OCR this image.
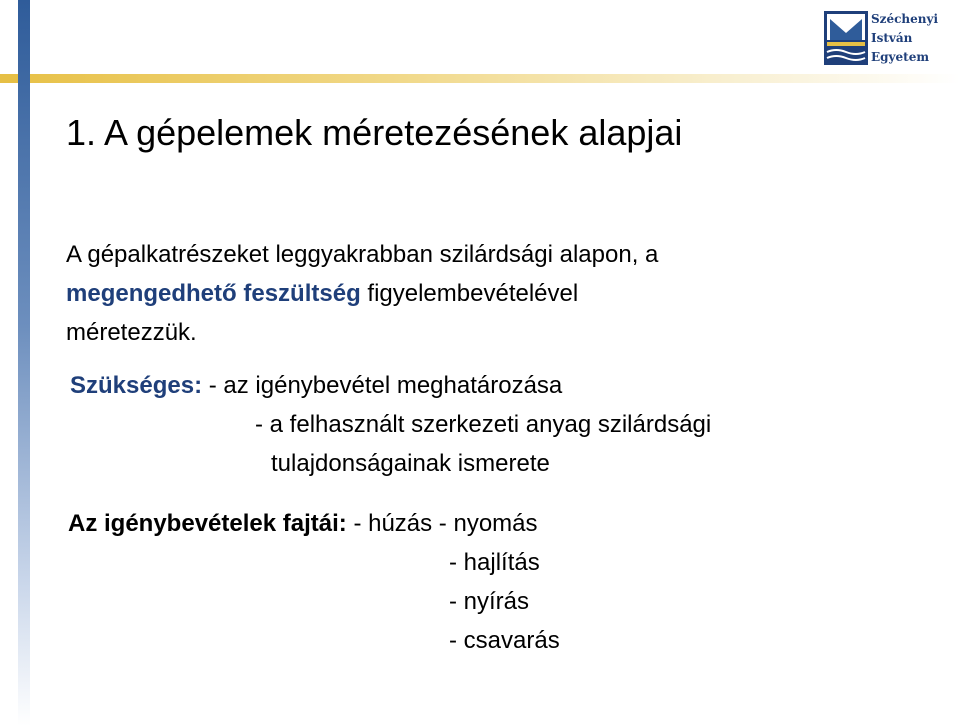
Széchenyi
István
Egyetem
1. A gépelemek méretezésének alapjai
A gépalkatrészeket leggyakrabban szilárdsági alapon, a
megengedhető feszültség figyelembevételével
méretezzük.
Szükséges: - az igénybevétel meghatározása
- a felhasznált szerkezeti anyag szilárdsági
tulajdonságainak ismerete
Az igénybevételek fajtái: - húzás - nyomás
- hajlítás
- nyírás
- csavarás
